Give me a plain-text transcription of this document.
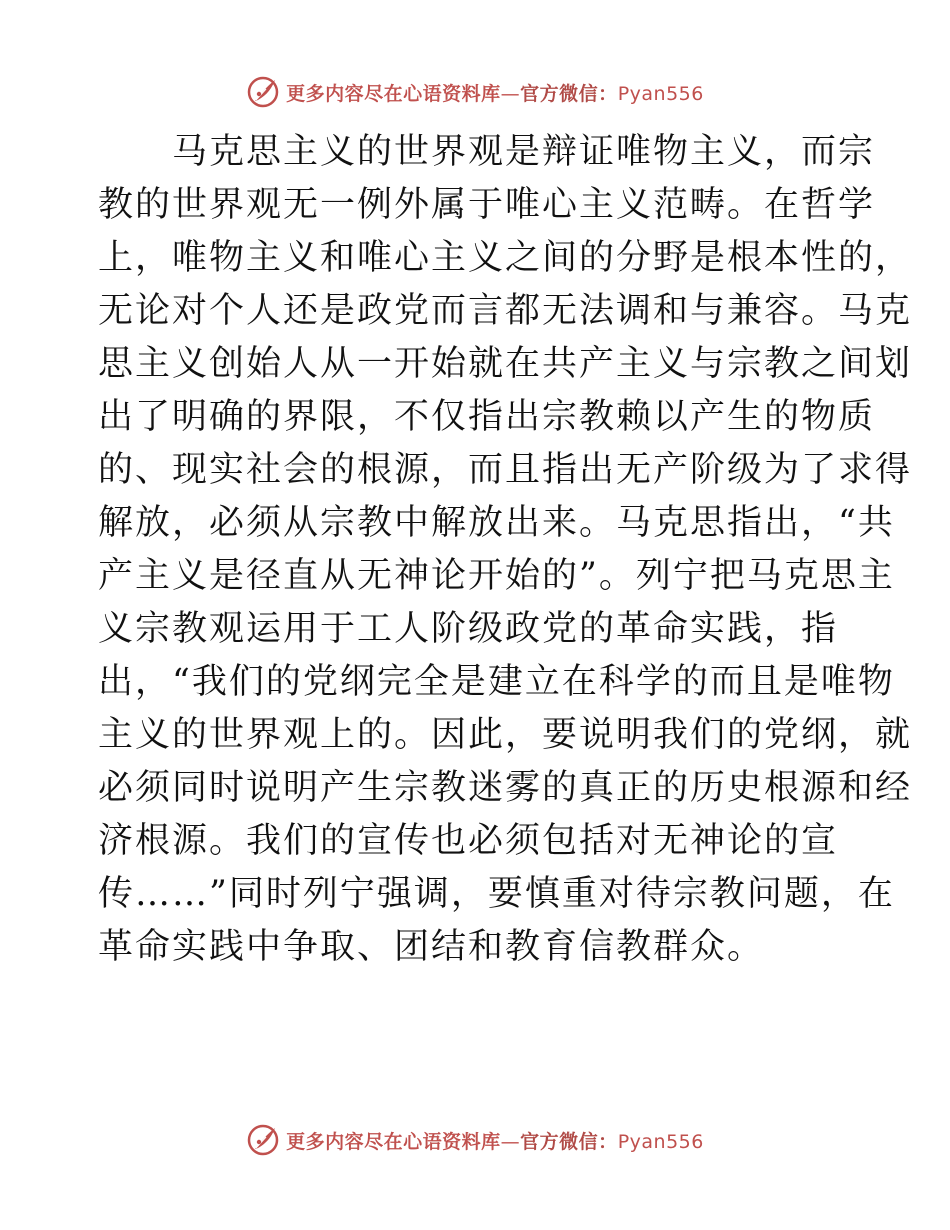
更多内容尽在心语资料库—官方微信：Pyan556
　　马克思主义的世界观是辩证唯物主义，而宗
教的世界观无一例外属于唯心主义范畴。在哲学
上，唯物主义和唯心主义之间的分野是根本性的，
无论对个人还是政党而言都无法调和与兼容。马克
思主义创始人从一开始就在共产主义与宗教之间划
出了明确的界限，不仅指出宗教赖以产生的物质
的、现实社会的根源，而且指出无产阶级为了求得
解放，必须从宗教中解放出来。马克思指出，“共
产主义是径直从无神论开始的”。列宁把马克思主
义宗教观运用于工人阶级政党的革命实践，指
出，“我们的党纲完全是建立在科学的而且是唯物
主义的世界观上的。因此，要说明我们的党纲，就
必须同时说明产生宗教迷雾的真正的历史根源和经
济根源。我们的宣传也必须包括对无神论的宣
传……”同时列宁强调，要慎重对待宗教问题，在
革命实践中争取、团结和教育信教群众。
更多内容尽在心语资料库—官方微信：Pyan556
